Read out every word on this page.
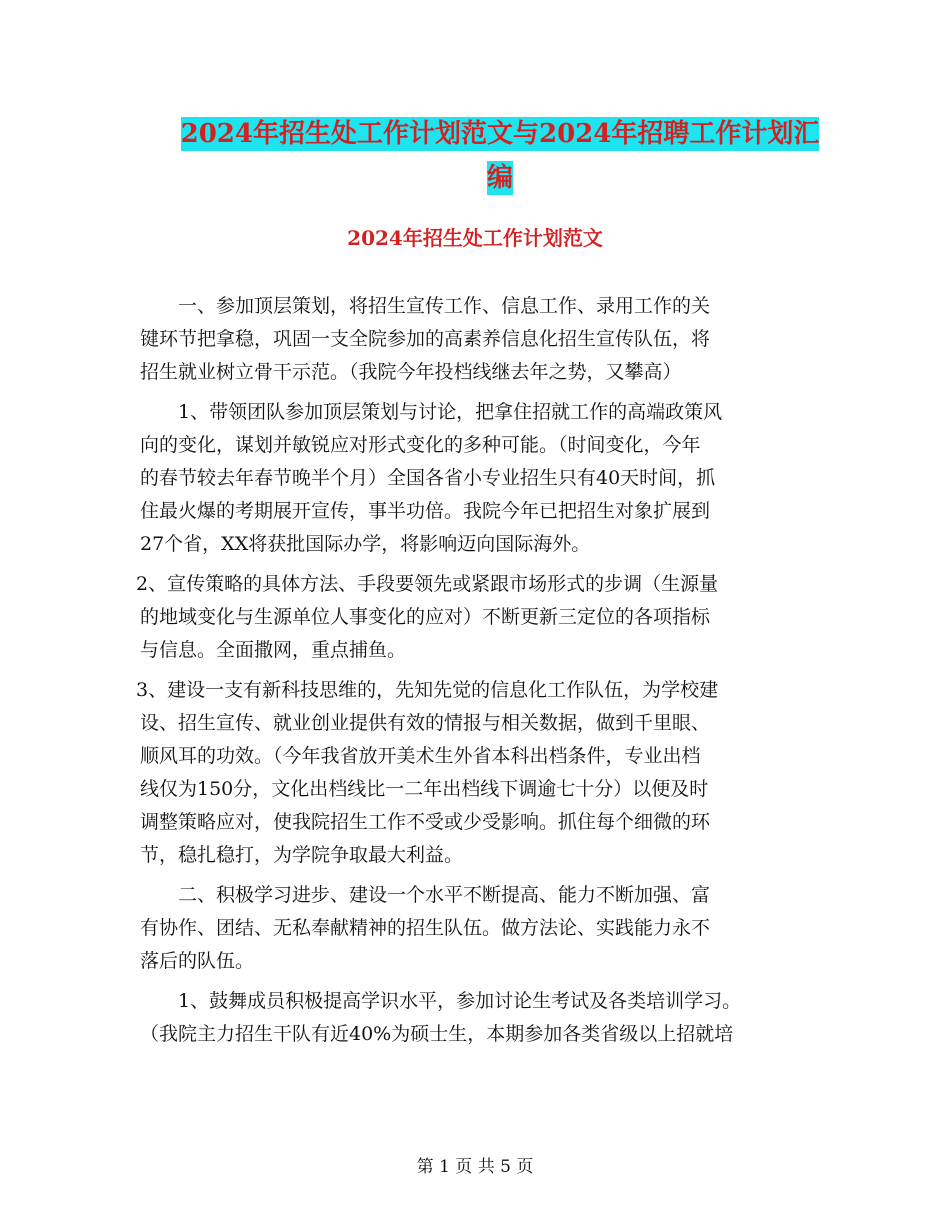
2024年招生处工作计划范文与2024年招聘工作计划汇
编
2024年招生处工作计划范文
一、参加顶层策划，将招生宣传工作、信息工作、录用工作的关
键环节把拿稳，巩固一支全院参加的高素养信息化招生宣传队伍，将
招生就业树立骨干示范。（我院今年投档线继去年之势，又攀高）
1、带领团队参加顶层策划与讨论，把拿住招就工作的高端政策风
向的变化，谋划并敏锐应对形式变化的多种可能。（时间变化，今年
的春节较去年春节晚半个月）全国各省小专业招生只有40天时间，抓
住最火爆的考期展开宣传，事半功倍。我院今年已把招生对象扩展到
27个省，XX将获批国际办学，将影响迈向国际海外。
2、宣传策略的具体方法、手段要领先或紧跟市场形式的步调（生源量
的地域变化与生源单位人事变化的应对）不断更新三定位的各项指标
与信息。全面撒网，重点捕鱼。
3、建设一支有新科技思维的，先知先觉的信息化工作队伍，为学校建
设、招生宣传、就业创业提供有效的情报与相关数据，做到千里眼、
顺风耳的功效。（今年我省放开美术生外省本科出档条件，专业出档
线仅为150分，文化出档线比一二年出档线下调逾七十分）以便及时
调整策略应对，使我院招生工作不受或少受影响。抓住每个细微的环
节，稳扎稳打，为学院争取最大利益。
二、积极学习进步、建设一个水平不断提高、能力不断加强、富
有协作、团结、无私奉献精神的招生队伍。做方法论、实践能力永不
落后的队伍。
1、鼓舞成员积极提高学识水平，参加讨论生考试及各类培训学习。
（我院主力招生干队有近40%为硕士生，本期参加各类省级以上招就培
第 1 页 共 5 页
